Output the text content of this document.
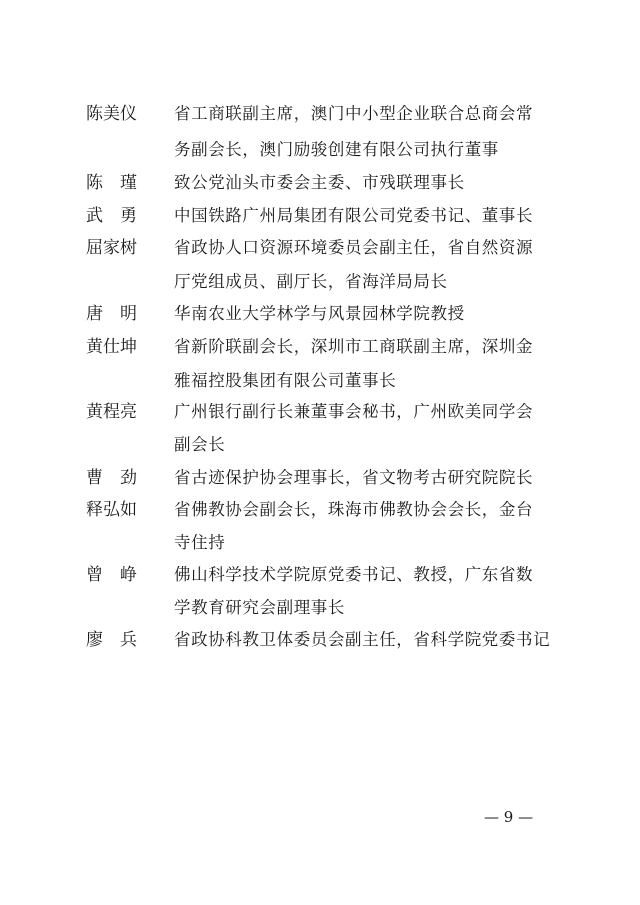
陈美仪	省工商联副主席，澳门中小型企业联合总商会常
务副会长，澳门励骏创建有限公司执行董事
陈　瑾	致公党汕头市委会主委、市残联理事长
武　勇	中国铁路广州局集团有限公司党委书记、董事长
屈家树	省政协人口资源环境委员会副主任，省自然资源
厅党组成员、副厅长，省海洋局局长
唐　明	华南农业大学林学与风景园林学院教授
黄仕坤	省新阶联副会长，深圳市工商联副主席，深圳金
雅福控股集团有限公司董事长
黄程亮	广州银行副行长兼董事会秘书，广州欧美同学会
副会长
曹　劲	省古迹保护协会理事长，省文物考古研究院院长
释弘如	省佛教协会副会长，珠海市佛教协会会长，金台
寺住持
曾　峥	佛山科学技术学院原党委书记、教授，广东省数
学教育研究会副理事长
廖　兵	省政协科教卫体委员会副主任，省科学院党委书记
— 9 —
